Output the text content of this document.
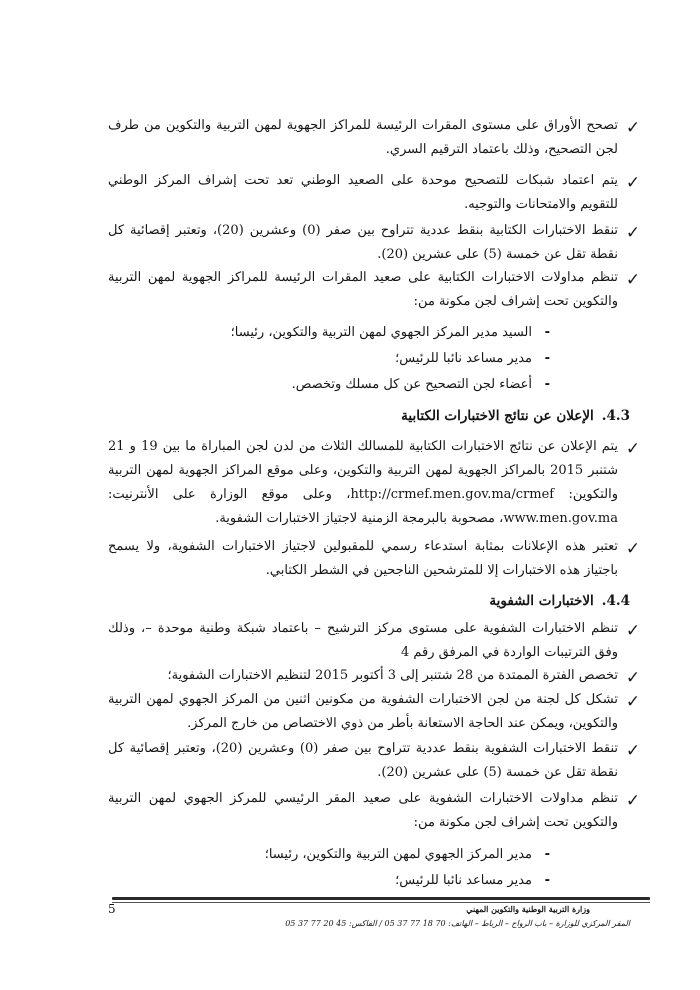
✓
تصحح الأوراق على مستوى المقرات الرئيسة للمراكز الجهوية لمهن التربية والتكوين من طرف لجن التصحيح، وذلك باعتماد الترقيم السري.
✓
يتم اعتماد شبكات للتصحيح موحدة على الصعيد الوطني تعد تحت إشراف المركز الوطني للتقويم والامتحانات والتوجيه.
✓
تنقط الاختبارات الكتابية بنقط عددية تتراوح بين صفر (0) وعشرين (20)، وتعتبر إقصائية كل نقطة تقل عن خمسة (5) على عشرين (20).
✓
تنظم مداولات الاختبارات الكتابية على صعيد المقرات الرئيسة للمراكز الجهوية لمهن التربية والتكوين تحت إشراف لجن مكونة من:
-السيد مدير المركز الجهوي لمهن التربية والتكوين، رئيسا؛
-مدير مساعد نائبا للرئيس؛
-أعضاء لجن التصحيح عن كل مسلك وتخصص.
4.3.الإعلان عن نتائج الاختبارات الكتابية
✓
يتم الإعلان عن نتائج الاختبارات الكتابية للمسالك الثلاث من لدن لجن المباراة ما بين 19 و 21 شتنبر 2015 بالمراكز الجهوية لمهن التربية والتكوين، وعلى موقع المراكز الجهوية لمهن التربية والتكوين: http://crmef.men.gov.ma/crmef، وعلى موقع الوزارة على الأنترنيت: www.men.gov.ma، مصحوبة بالبرمجة الزمنية لاجتياز الاختبارات الشفوية.
✓
تعتبر هذه الإعلانات بمثابة استدعاء رسمي للمقبولين لاجتياز الاختبارات الشفوية، ولا يسمح باجتياز هذه الاختبارات إلا للمترشحين الناجحين في الشطر الكتابي.
4.4.الاختبارات الشفوية
✓
تنظم الاختبارات الشفوية على مستوى مركز الترشيح – باعتماد شبكة وطنية موحدة –، وذلك وفق الترتيبات الواردة في المرفق رقم 4
✓
تخصص الفترة الممتدة من 28 شتنبر إلى 3 أكتوبر 2015 لتنظيم الاختبارات الشفوية؛
✓
تشكل كل لجنة من لجن الاختبارات الشفوية من مكونين اثنين من المركز الجهوي لمهن التربية والتكوين، ويمكن عند الحاجة الاستعانة بأطر من ذوي الاختصاص من خارج المركز.
✓
تنقط الاختبارات الشفوية بنقط عددية تتراوح بين صفر (0) وعشرين (20)، وتعتبر إقصائية كل نقطة تقل عن خمسة (5) على عشرين (20).
✓
تنظم مداولات الاختبارات الشفوية على صعيد المقر الرئيسي للمركز الجهوي لمهن التربية والتكوين تحت إشراف لجن مكونة من:
-مدير المركز الجهوي لمهن التربية والتكوين، رئيسا؛
-مدير مساعد نائبا للرئيس؛
5	وزارة التربية الوطنية والتكوين المهني
المقر المركزي للوزارة – باب الرواح – الرباط – الهاتف: 70 18 77 37 05 / الفاكس: 45 20 77 37 05
